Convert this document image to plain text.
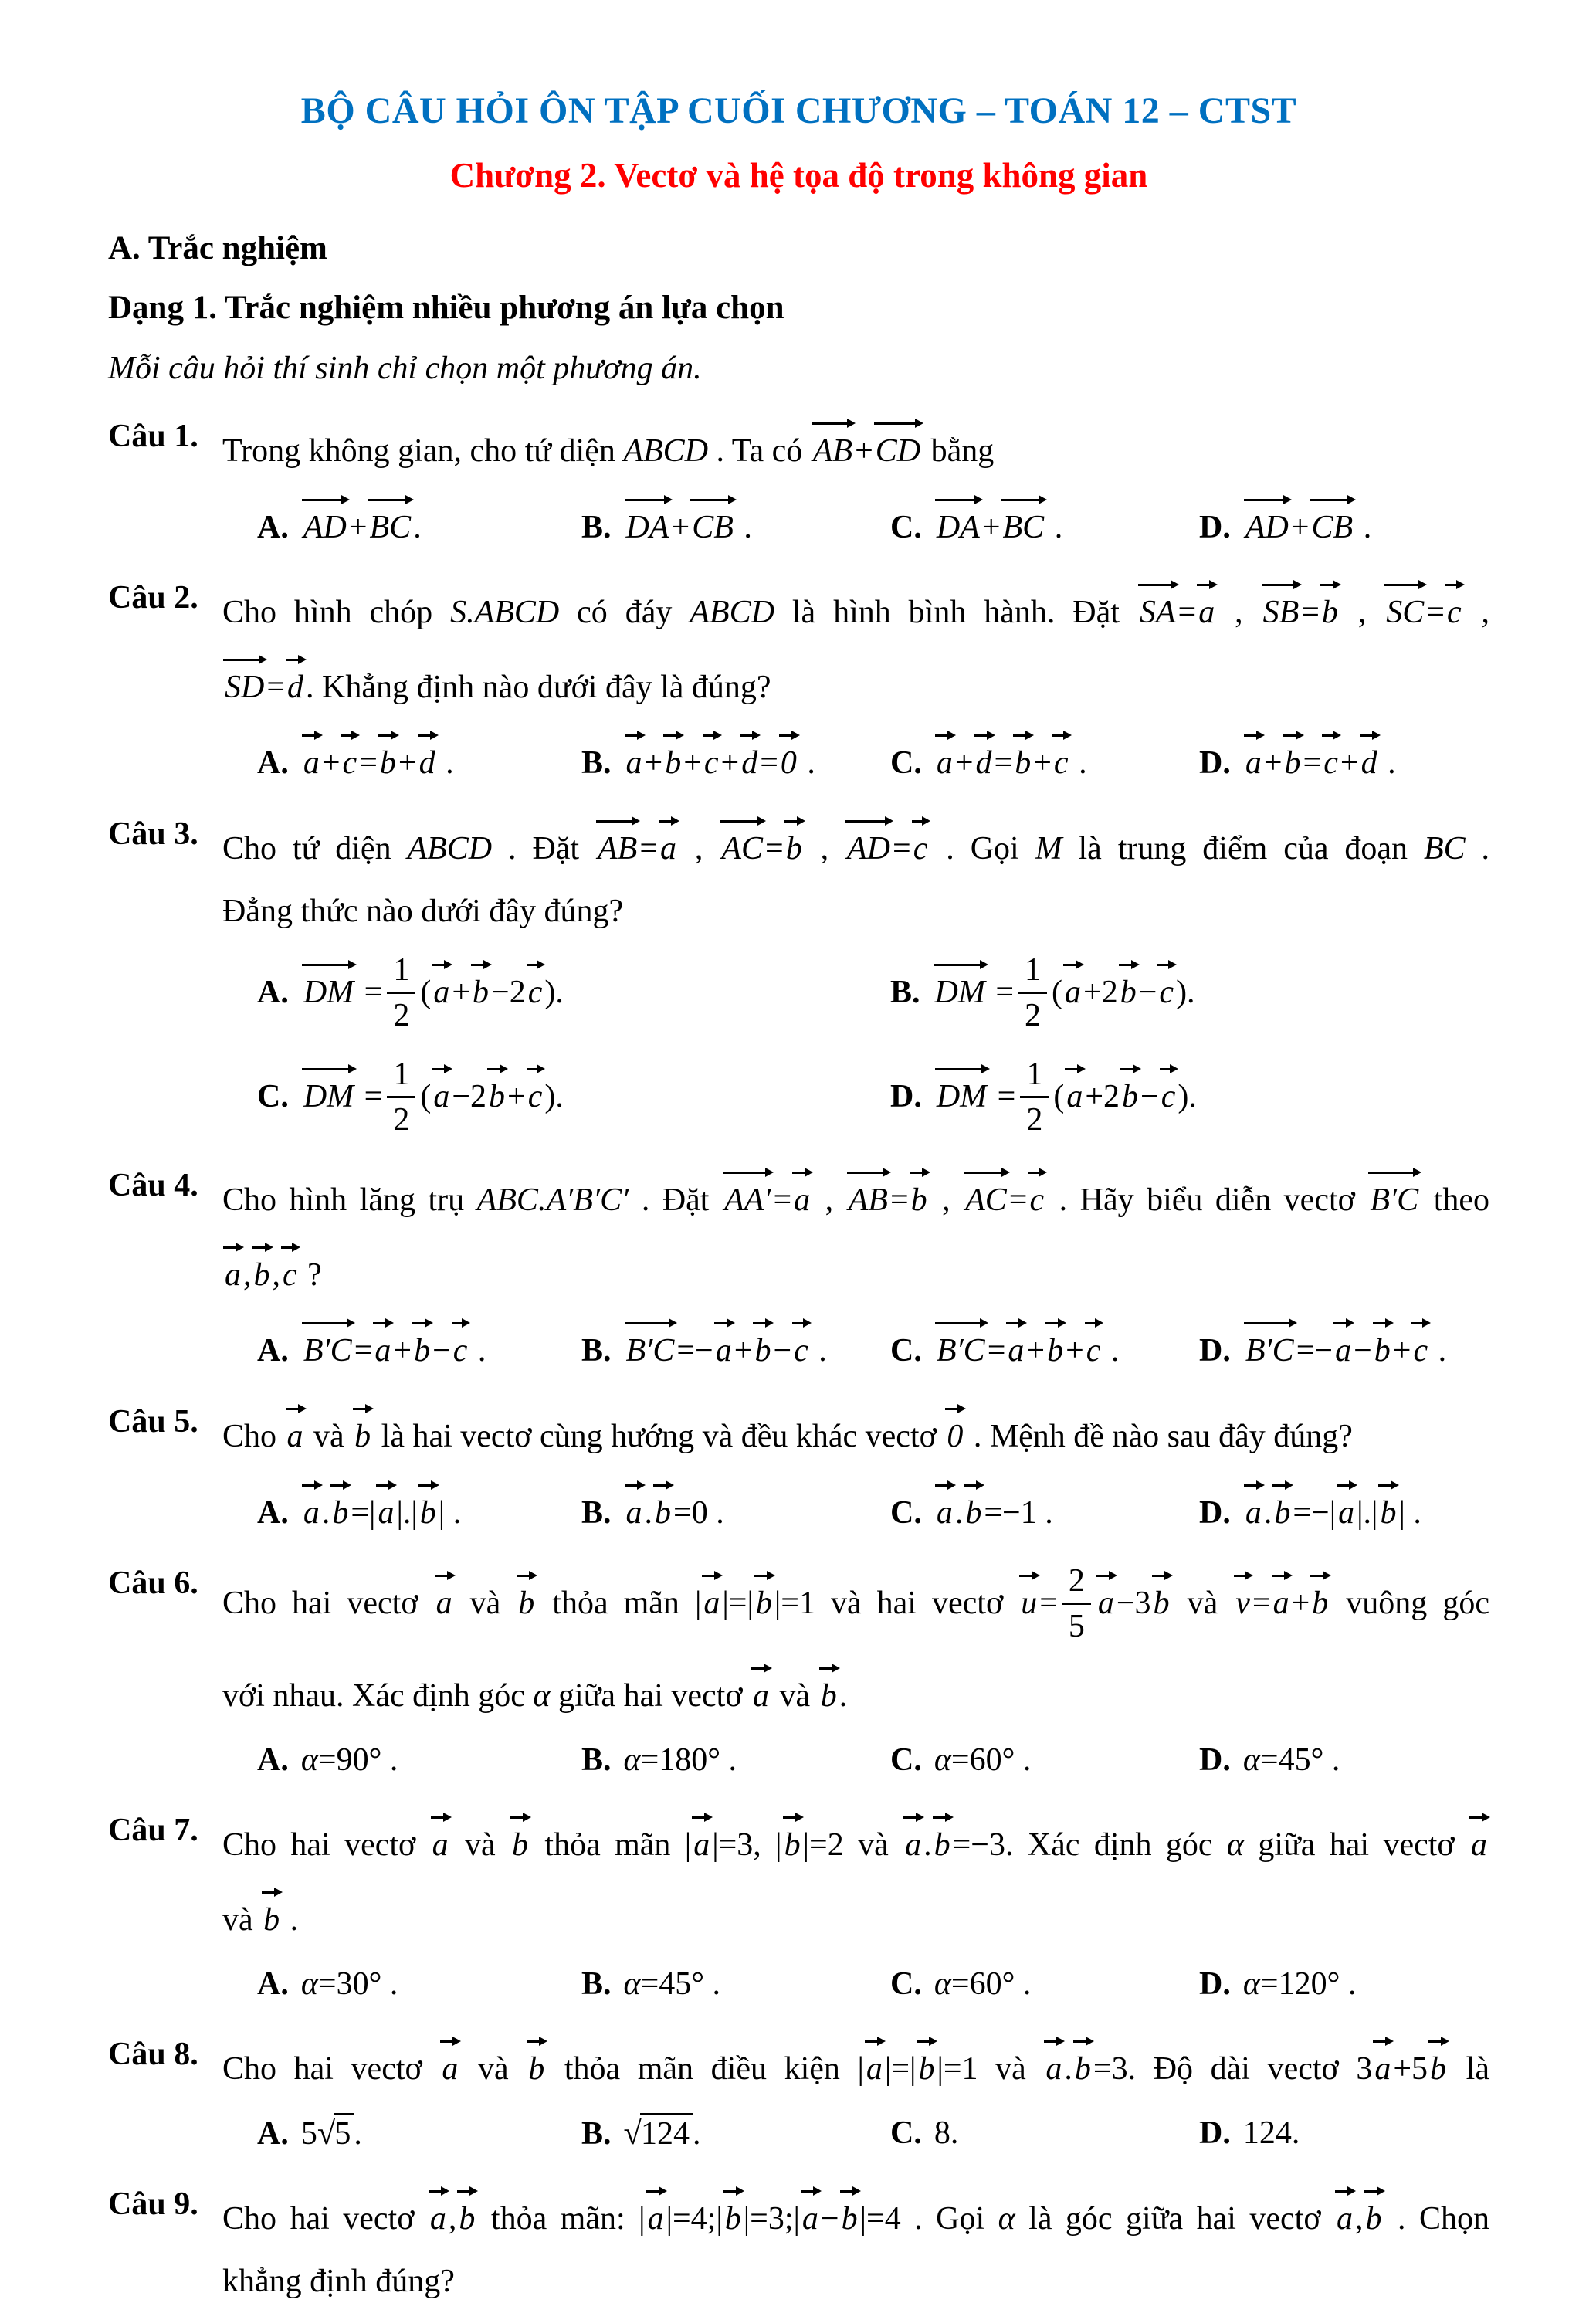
BỘ CÂU HỎI ÔN TẬP CUỐI CHƯƠNG – TOÁN 12 – CTST
Chương 2. Vectơ và hệ tọa độ trong không gian
A. Trắc nghiệm
Dạng 1. Trắc nghiệm nhiều phương án lựa chọn
Mỗi câu hỏi thí sinh chỉ chọn một phương án.
Câu 1. Trong không gian, cho tứ diện ABCD . Ta có AB+CD bằng
A. AD+BC.	B. DA+CB .	C. DA+BC .	D. AD+CB .
Câu 2. Cho hình chóp S.ABCD có đáy ABCD là hình bình hành. Đặt SA=a , SB=b , SC=c ,
SD=d. Khẳng định nào dưới đây là đúng?
A. a+c=b+d .	B. a+b+c+d=0 .	C. a+d=b+c .	D. a+b=c+d .
Câu 3. Cho tứ diện ABCD . Đặt AB=a , AC=b , AD=c . Gọi M là trung điểm của đoạn BC .
Đẳng thức nào dưới đây đúng?
A. DM = $\frac{1}{2} (a+b-2c)$.	B. DM = $\frac{1}{2} (a+2b-c)$.
C. DM = $\frac{1}{2} (a-2b+c)$.	D. DM = $\frac{1}{2} (a+2b-c)$.
Câu 4. Cho hình lăng trụ ABC.A′B′C′ . Đặt AA′=a , AB=b , AC=c . Hãy biểu diễn vectơ B′C theo
a,b,c ?
A. B′C=a+b−c .	B. B′C=−a+b−c .	C. B′C=a+b+c .	D. B′C=−a−b+c .
Câu 5. Cho a và b là hai vectơ cùng hướng và đều khác vectơ 0 . Mệnh đề nào sau đây đúng?
A. a.b=|a|.|b| .	B. a.b=0 .	C. a.b=−1 .	D. a.b=−|a|.|b| .
Câu 6.
Cho hai vectơ a và b thỏa mãn |a|=|b|=1 và hai vectơ $u= \frac{2}{5} a-3b$ và v=a+b vuông góc
với nhau. Xác định góc α giữa hai vectơ a và b.
A. α=90° .	B. α=180° .	C. α=60° .	D. α=45° .
Câu 7. Cho hai vectơ a và b thỏa mãn |a|=3, |b|=2 và a.b=−3. Xác định góc α giữa hai vectơ a
và b .
A. α=30° .	B. α=45° .	C. α=60° .	D. α=120° .
Câu 8. Cho hai vectơ a và b thỏa mãn điều kiện |a|=|b|=1 và a.b=3. Độ dài vectơ 3a+5b là
A. 5√5.	B. √124.	C. 8.	D. 124.
Câu 9. Cho hai vectơ a,b thỏa mãn: |a|=4;|b|=3;|a−b|=4 . Gọi α là góc giữa hai vectơ a,b . Chọn
khẳng định đúng?
